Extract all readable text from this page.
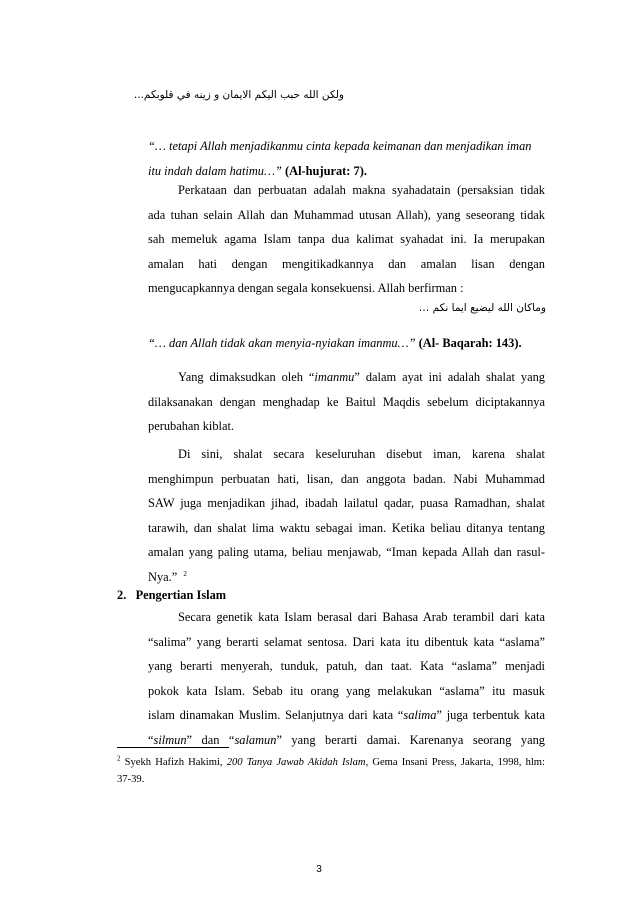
ولكن الله حبب اليكم الايمان و زينه في قلوبكم...
“… tetapi Allah menjadikanmu cinta kepada keimanan dan menjadikan iman
itu indah dalam hatimu…” (Al-hujurat: 7).
Perkataan dan perbuatan adalah makna syahadatain (persaksian tidak
ada tuhan selain Allah dan Muhammad utusan Allah), yang seseorang tidak
sah memeluk agama Islam tanpa dua kalimat syahadat ini. Ia merupakan
amalan hati dengan mengitikadkannya dan amalan lisan dengan
mengucapkannya dengan segala konsekuensi. Allah berfirman :
وماكان الله ليضيع ايما نكم …
“… dan Allah tidak akan menyia-nyiakan imanmu…” (Al- Baqarah: 143).
Yang dimaksudkan oleh “imanmu” dalam ayat ini adalah shalat yang
dilaksanakan dengan menghadap ke Baitul Maqdis sebelum diciptakannya
perubahan kiblat.
Di sini, shalat secara keseluruhan disebut iman, karena shalat
menghimpun perbuatan hati, lisan, dan anggota badan. Nabi Muhammad
SAW juga menjadikan jihad, ibadah lailatul qadar, puasa Ramadhan, shalat
tarawih, dan shalat lima waktu sebagai iman. Ketika beliau ditanya tentang
amalan yang paling utama, beliau menjawab, “Iman kepada Allah dan rasul-
Nya.” $^2$
2.   Pengertian Islam
Secara genetik kata Islam berasal dari Bahasa Arab terambil dari kata
“salima” yang berarti selamat sentosa. Dari kata itu dibentuk kata “aslama”
yang berarti menyerah, tunduk, patuh, dan taat. Kata “aslama” menjadi
pokok kata Islam. Sebab itu orang yang melakukan “aslama” itu masuk
islam dinamakan Muslim. Selanjutnya dari kata “salima” juga terbentuk kata
“silmun” dan “salamun” yang berarti damai. Karenanya seorang yang
$^2$ Syekh Hafizh Hakimi, 200 Tanya Jawab Akidah Islam, Gema Insani Press, Jakarta, 1998, hlm:
37-39.
3
